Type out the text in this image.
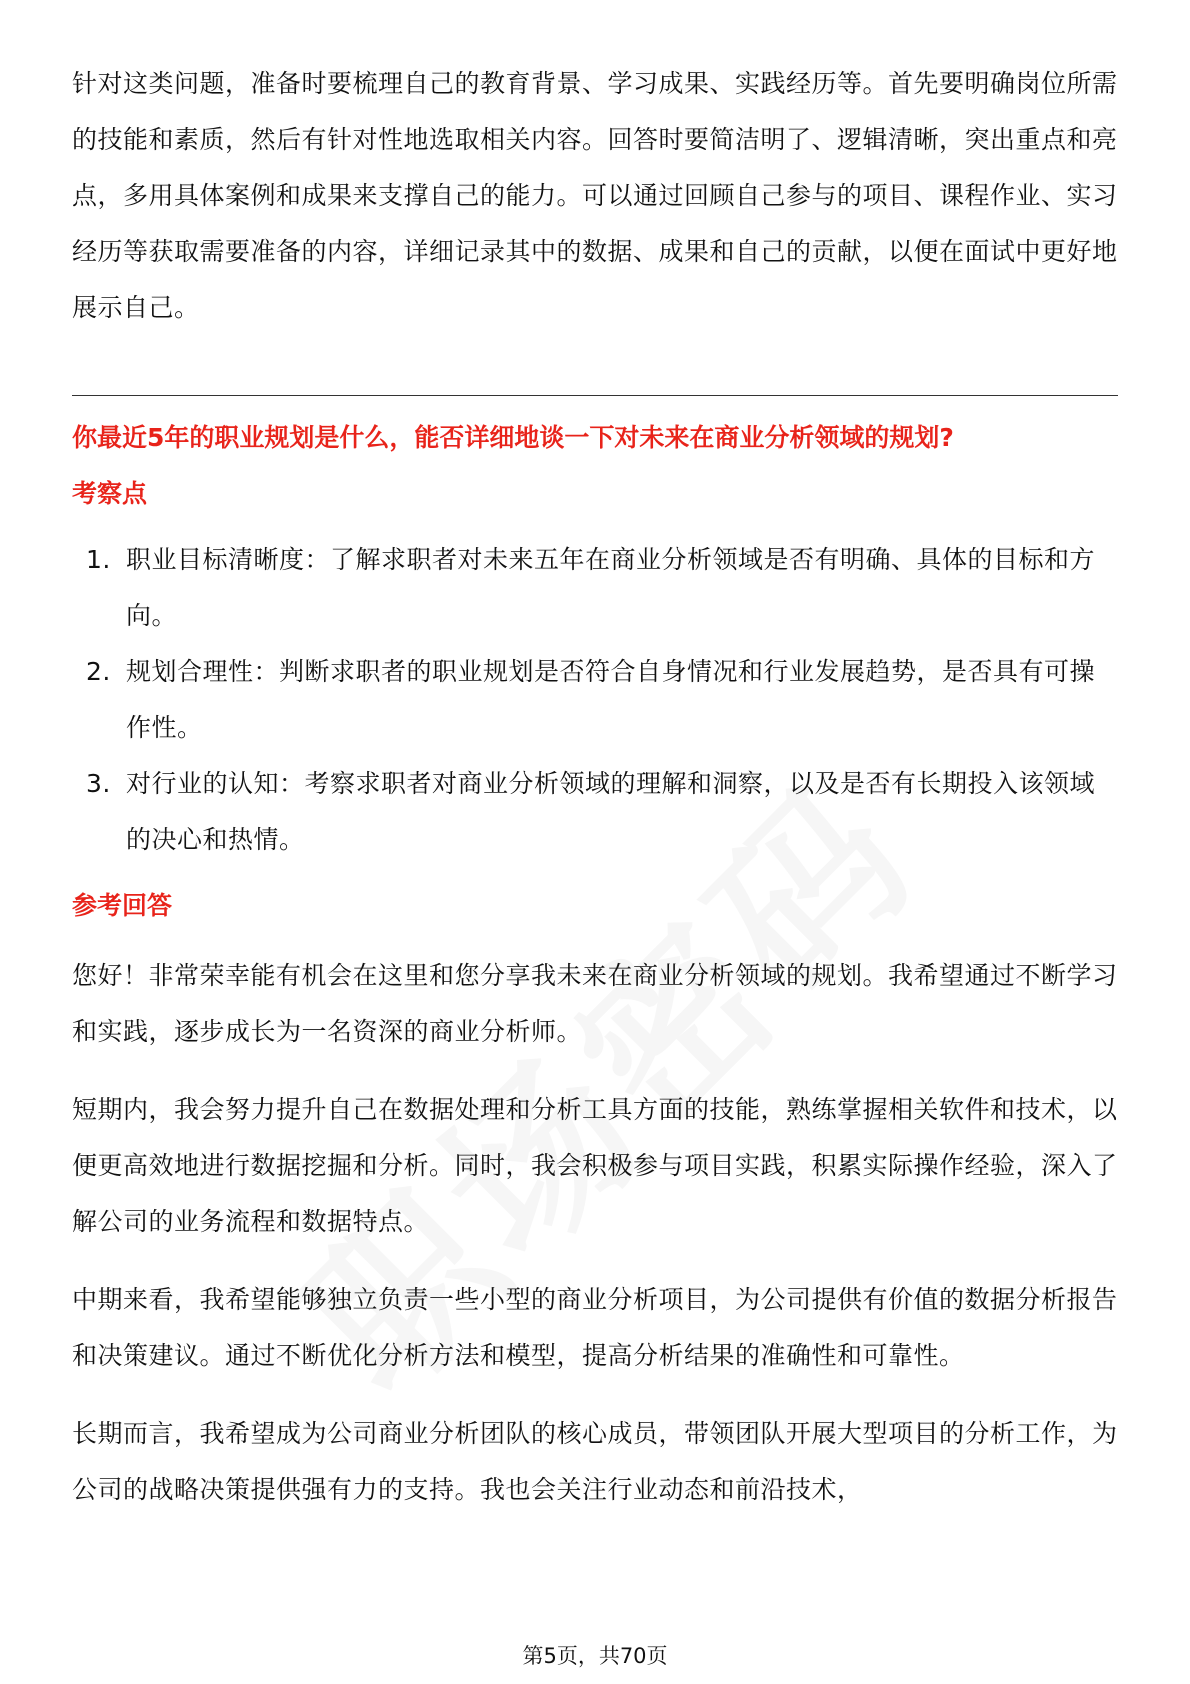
针对这类问题，准备时要梳理自己的教育背景、学习成果、实践经历等。首先要明确岗位所需的技能和素质，然后有针对性地选取相关内容。回答时要简洁明了、逻辑清晰，突出重点和亮点，多用具体案例和成果来支撑自己的能力。可以通过回顾自己参与的项目、课程作业、实习经历等获取需要准备的内容，详细记录其中的数据、成果和自己的贡献，以便在面试中更好地展示自己。

你最近5年的职业规划是什么，能否详细地谈一下对未来在商业分析领域的规划?
考察点
1. 职业目标清晰度：了解求职者对未来五年在商业分析领域是否有明确、具体的目标和方向。
2. 规划合理性：判断求职者的职业规划是否符合自身情况和行业发展趋势，是否具有可操作性。
3. 对行业的认知：考察求职者对商业分析领域的理解和洞察，以及是否有长期投入该领域的决心和热情。
参考回答

您好！非常荣幸能有机会在这里和您分享我未来在商业分析领域的规划。我希望通过不断学习和实践，逐步成长为一名资深的商业分析师。

短期内，我会努力提升自己在数据处理和分析工具方面的技能，熟练掌握相关软件和技术，以便更高效地进行数据挖掘和分析。同时，我会积极参与项目实践，积累实际操作经验，深入了解公司的业务流程和数据特点。

中期来看，我希望能够独立负责一些小型的商业分析项目，为公司提供有价值的数据分析报告和决策建议。通过不断优化分析方法和模型，提高分析结果的准确性和可靠性。

长期而言，我希望成为公司商业分析团队的核心成员，带领团队开展大型项目的分析工作，为公司的战略决策提供强有力的支持。我也会关注行业动态和前沿技术，

第5页，共70页
